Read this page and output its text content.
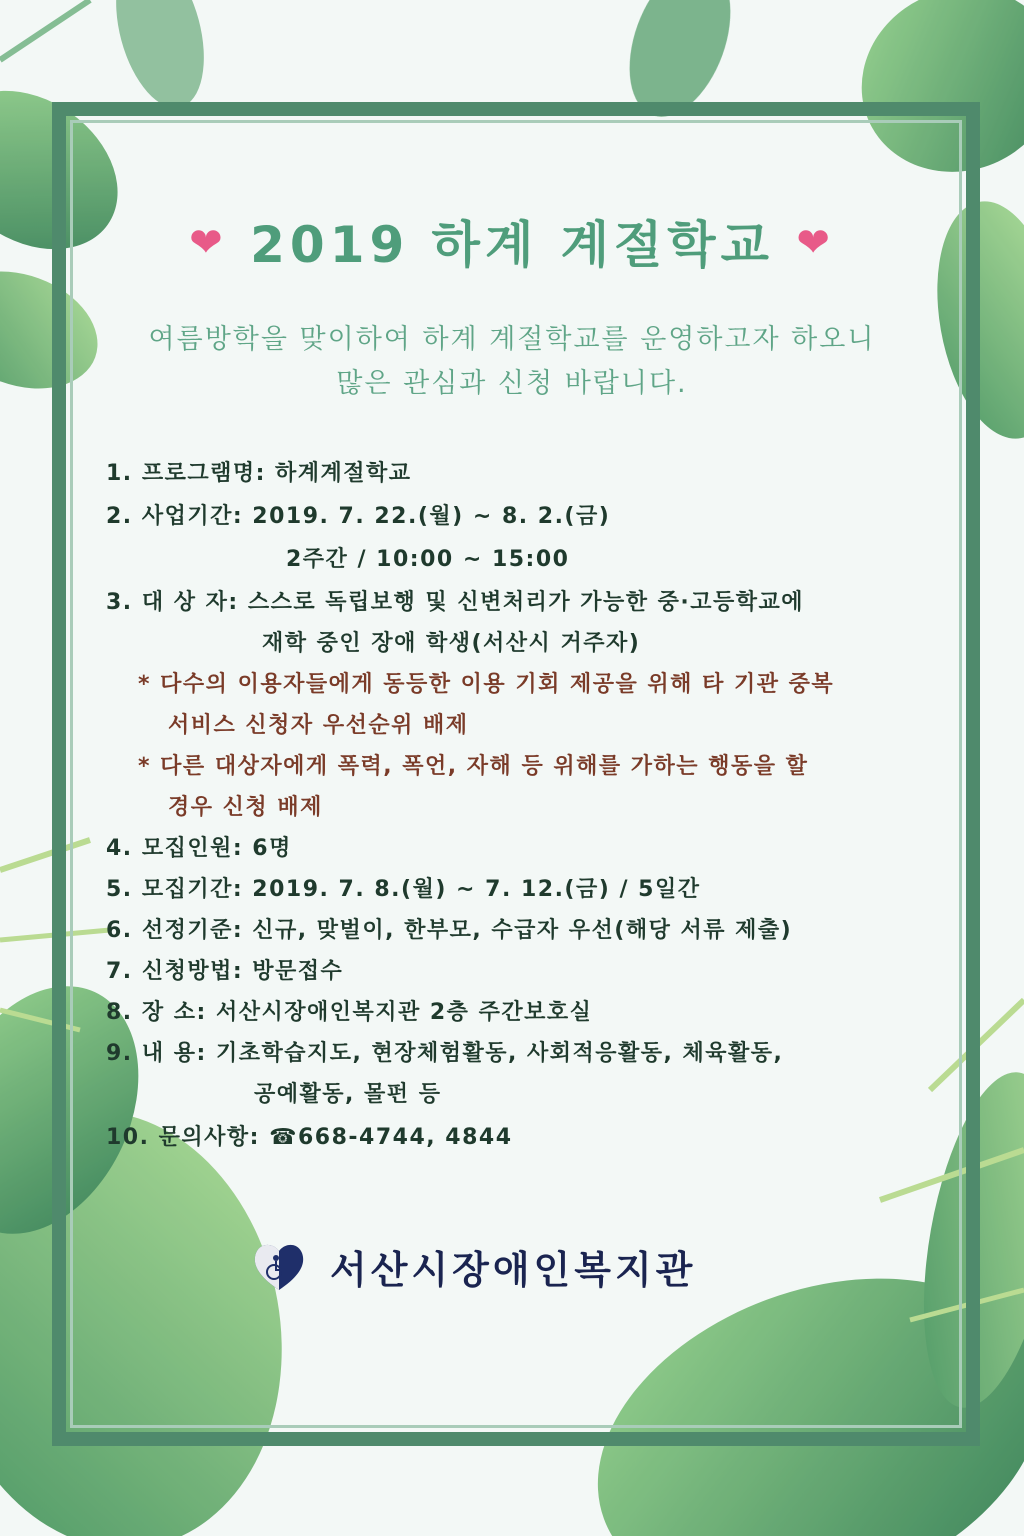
❤ 2019 하계 계절학교 ❤
여름방학을 맞이하여 하계 계절학교를 운영하고자 하오니
많은 관심과 신청 바랍니다.
1. 프로그램명: 하계계절학교
2. 사업기간: 2019. 7. 22.(월) ~ 8. 2.(금)
2주간 / 10:00 ~ 15:00
3. 대 상 자: 스스로 독립보행 및 신변처리가 가능한 중·고등학교에
재학 중인 장애 학생(서산시 거주자)
* 다수의 이용자들에게 동등한 이용 기회 제공을 위해 타 기관 중복
서비스 신청자 우선순위 배제
* 다른 대상자에게 폭력, 폭언, 자해 등 위해를 가하는 행동을 할
경우 신청 배제
4. 모집인원: 6명
5. 모집기간: 2019. 7. 8.(월) ~ 7. 12.(금) / 5일간
6. 선정기준: 신규, 맞벌이, 한부모, 수급자 우선(해당 서류 제출)
7. 신청방법: 방문접수
8. 장 소: 서산시장애인복지관 2층 주간보호실
9. 내 용: 기초학습지도, 현장체험활동, 사회적응활동, 체육활동,
공예활동, 몰펀 등
10. 문의사항: ☎668-4744, 4844
서산시장애인복지관
